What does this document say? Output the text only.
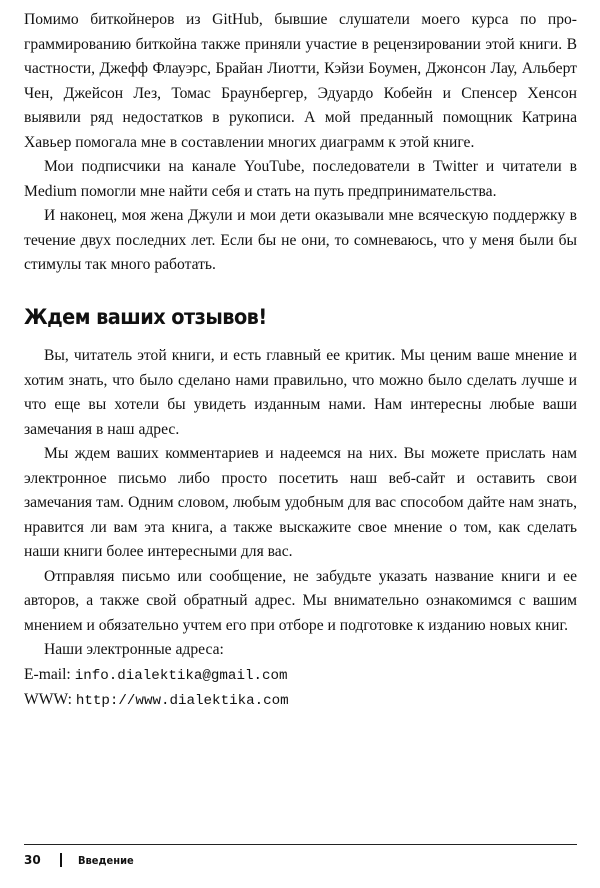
Помимо биткойнеров из GitHub, бывшие слушатели моего курса по программированию биткойна также приняли участие в рецензировании этой книги. В частности, Джефф Флауэрс, Брайан Лиотти, Кэйзи Боумен, Джонсон Лау, Альберт Чен, Джейсон Лез, Томас Браунбергер, Эдуардо Кобейн и Спенсер Хенсон выявили ряд недостатков в рукописи. А мой преданный помощник Катрина Хавьер помогала мне в составлении многих диаграмм к этой книге.

Мои подписчики на канале YouTube, последователи в Twitter и читатели в Medium помогли мне найти себя и стать на путь предпринимательства.

И наконец, моя жена Джули и мои дети оказывали мне всяческую поддержку в течение двух последних лет. Если бы не они, то сомневаюсь, что у меня были бы стимулы так много работать.

Ждем ваших отзывов!

Вы, читатель этой книги, и есть главный ее критик. Мы ценим ваше мнение и хотим знать, что было сделано нами правильно, что можно было сделать лучше и что еще вы хотели бы увидеть изданным нами. Нам интересны любые ваши замечания в наш адрес.

Мы ждем ваших комментариев и надеемся на них. Вы можете прислать нам электронное письмо либо просто посетить наш веб-сайт и оставить свои замечания там. Одним словом, любым удобным для вас способом дайте нам знать, нравится ли вам эта книга, а также выскажите свое мнение о том, как сделать наши книги более интересными для вас.

Отправляя письмо или сообщение, не забудьте указать название книги и ее авторов, а также свой обратный адрес. Мы внимательно ознакомимся с вашим мнением и обязательно учтем его при отборе и подготовке к изданию новых книг.

Наши электронные адреса:

E-mail: info.dialektika@gmail.com

WWW: http://www.dialektika.com

30	Введение
